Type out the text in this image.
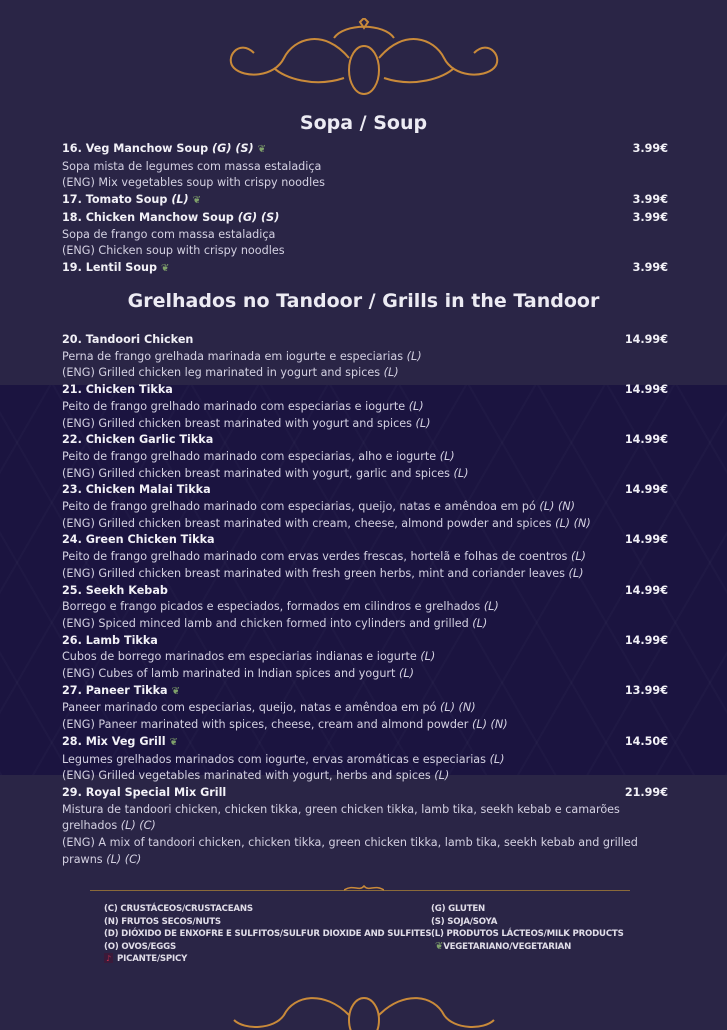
Sopa / Soup
16. Veg Manchow Soup (G) (S) ❦	3.99€
Sopa mista de legumes com massa estaladiça
(ENG) Mix vegetables soup with crispy noodles
17. Tomato Soup (L) ❦	3.99€
18. Chicken Manchow Soup (G) (S)	3.99€
Sopa de frango com massa estaladiça
(ENG) Chicken soup with crispy noodles
19. Lentil Soup ❦	3.99€
Grelhados no Tandoor / Grills in the Tandoor
20. Tandoori Chicken	14.99€
Perna de frango grelhada marinada em iogurte e especiarias (L)
(ENG) Grilled chicken leg marinated in yogurt and spices (L)
21. Chicken Tikka	14.99€
Peito de frango grelhado marinado com especiarias e iogurte (L)
(ENG) Grilled chicken breast marinated with yogurt and spices (L)
22. Chicken Garlic Tikka	14.99€
Peito de frango grelhado marinado com especiarias, alho e iogurte (L)
(ENG) Grilled chicken breast marinated with yogurt, garlic and spices (L)
23. Chicken Malai Tikka	14.99€
Peito de frango grelhado marinado com especiarias, queijo, natas e amêndoa em pó (L) (N)
(ENG) Grilled chicken breast marinated with cream, cheese, almond powder and spices (L) (N)
24. Green Chicken Tikka	14.99€
Peito de frango grelhado marinado com ervas verdes frescas, hortelã e folhas de coentros (L)
(ENG) Grilled chicken breast marinated with fresh green herbs, mint and coriander leaves (L)
25. Seekh Kebab	14.99€
Borrego e frango picados e especiados, formados em cilindros e grelhados (L)
(ENG) Spiced minced lamb and chicken formed into cylinders and grilled (L)
26. Lamb Tikka	14.99€
Cubos de borrego marinados em especiarias indianas e iogurte (L)
(ENG) Cubes of lamb marinated in Indian spices and yogurt (L)
27. Paneer Tikka ❦	13.99€
Paneer marinado com especiarias, queijo, natas e amêndoa em pó (L) (N)
(ENG) Paneer marinated with spices, cheese, cream and almond powder (L) (N)
28. Mix Veg Grill ❦	14.50€
Legumes grelhados marinados com iogurte, ervas aromáticas e especiarias (L)
(ENG) Grilled vegetables marinated with yogurt, herbs and spices (L)
29. Royal Special Mix Grill	21.99€
Mistura de tandoori chicken, chicken tikka, green chicken tikka, lamb tika, seekh kebab e camarões grelhados (L) (C)
(ENG) A mix of tandoori chicken, chicken tikka, green chicken tikka, lamb tika, seekh kebab and grilled prawns (L) (C)
(C) CRUSTÁCEOS/CRUSTACEANS
(N) FRUTOS SECOS/NUTS
(D) DIÓXIDO DE ENXOFRE E SULFITOS/SULFUR DIOXIDE AND SULFITES
(O) OVOS/EGGS
♪ PICANTE/SPICY
(G) GLUTEN
(S) SOJA/SOYA
(L) PRODUTOS LÁCTEOS/MILK PRODUCTS
❦VEGETARIANO/VEGETARIAN
